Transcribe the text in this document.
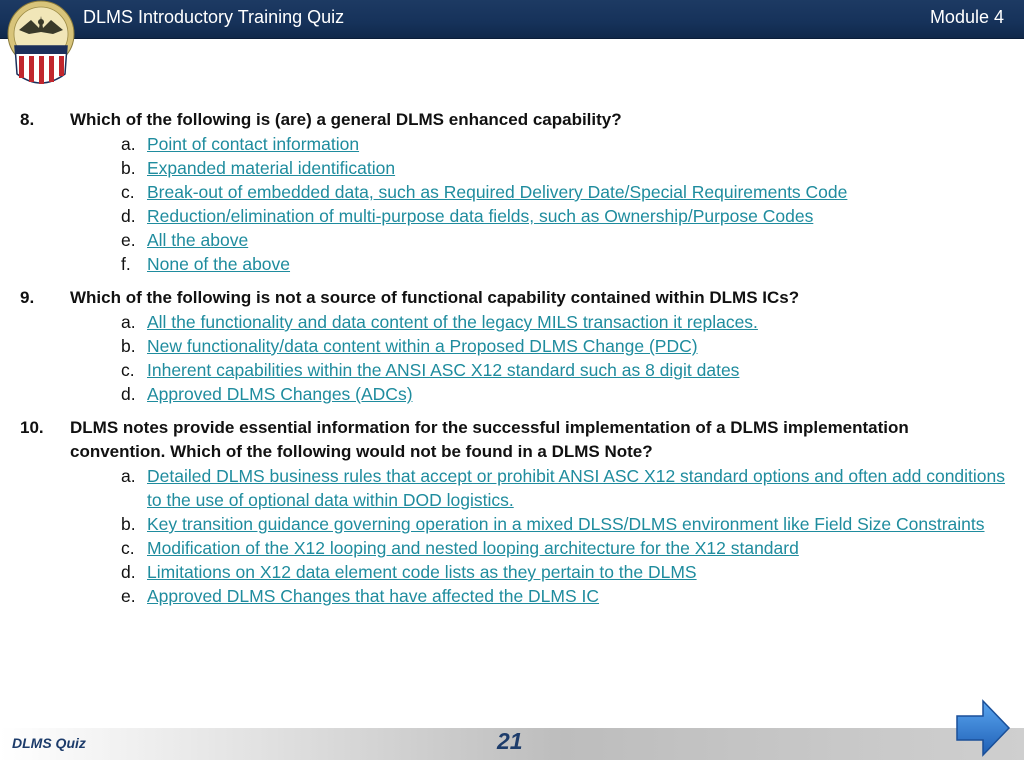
DLMS Introductory Training Quiz	Module 4
8. Which of the following is (are) a general DLMS enhanced capability?
a. Point of contact information
b. Expanded material identification
c. Break-out of embedded data, such as Required Delivery Date/Special Requirements Code
d. Reduction/elimination of multi-purpose data fields, such as Ownership/Purpose Codes
e. All the above
f. None of the above
9. Which of the following is not a source of functional capability contained within DLMS ICs?
a. All the functionality and data content of the legacy MILS transaction it replaces.
b. New functionality/data content within a Proposed DLMS Change (PDC)
c. Inherent capabilities within the ANSI ASC X12 standard such as 8 digit dates
d. Approved DLMS Changes (ADCs)
10. DLMS notes provide essential information for the successful implementation of a DLMS implementation convention. Which of the following would not be found in a DLMS Note?
a. Detailed DLMS business rules that accept or prohibit ANSI ASC X12 standard options and often add conditions to the use of optional data within DOD logistics.
b. Key transition guidance governing operation in a mixed DLSS/DLMS environment like Field Size Constraints
c. Modification of the X12 looping and nested looping architecture for the X12 standard
d. Limitations on X12 data element code lists as they pertain to the DLMS
e. Approved DLMS Changes that have affected the DLMS IC
DLMS Quiz	21
